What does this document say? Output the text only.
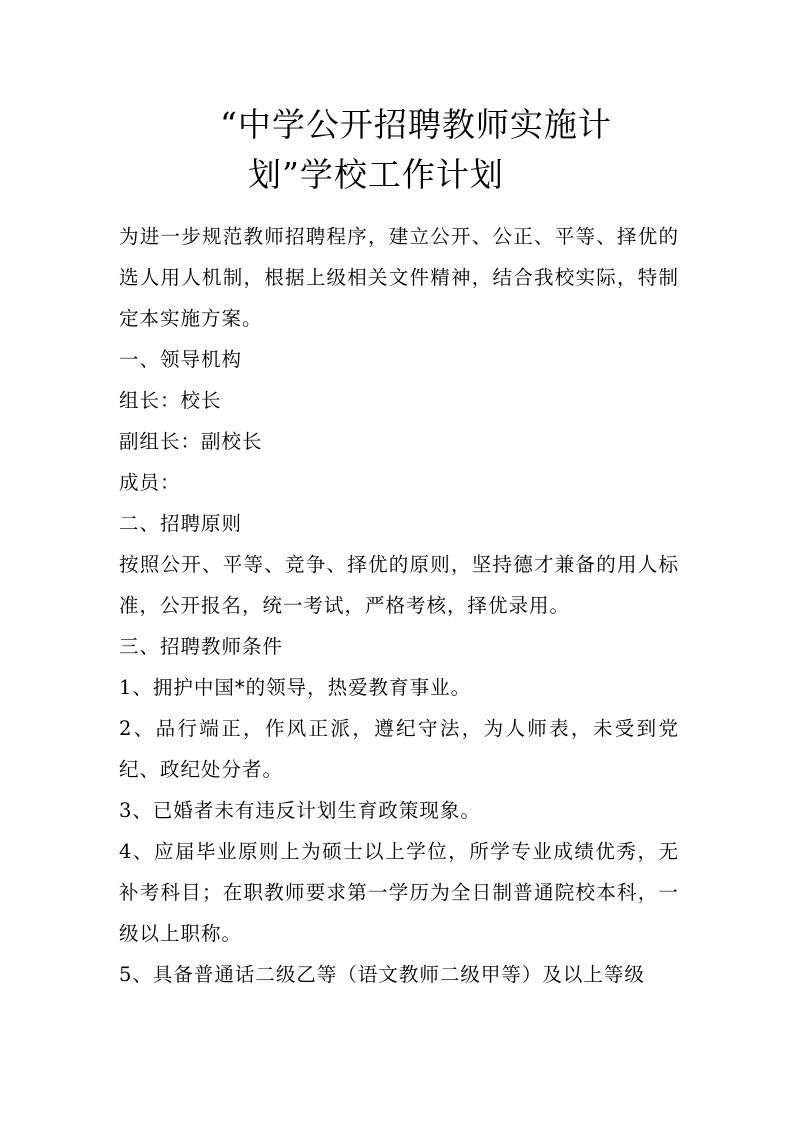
“中学公开招聘教师实施计
划”学校工作计划

为进一步规范教师招聘程序，建立公开、公正、平等、择优的选人用人机制，根据上级相关文件精神，结合我校实际，特制定本实施方案。

一、领导机构

组长：校长

副组长：副校长

成员：

二、招聘原则

按照公开、平等、竞争、择优的原则，坚持德才兼备的用人标准，公开报名，统一考试，严格考核，择优录用。

三、招聘教师条件

1、拥护中国*的领导，热爱教育事业。

2、品行端正，作风正派，遵纪守法，为人师表，未受到党纪、政纪处分者。

3、已婚者未有违反计划生育政策现象。

4、应届毕业原则上为硕士以上学位，所学专业成绩优秀，无补考科目；在职教师要求第一学历为全日制普通院校本科，一级以上职称。

5、具备普通话二级乙等（语文教师二级甲等）及以上等级
